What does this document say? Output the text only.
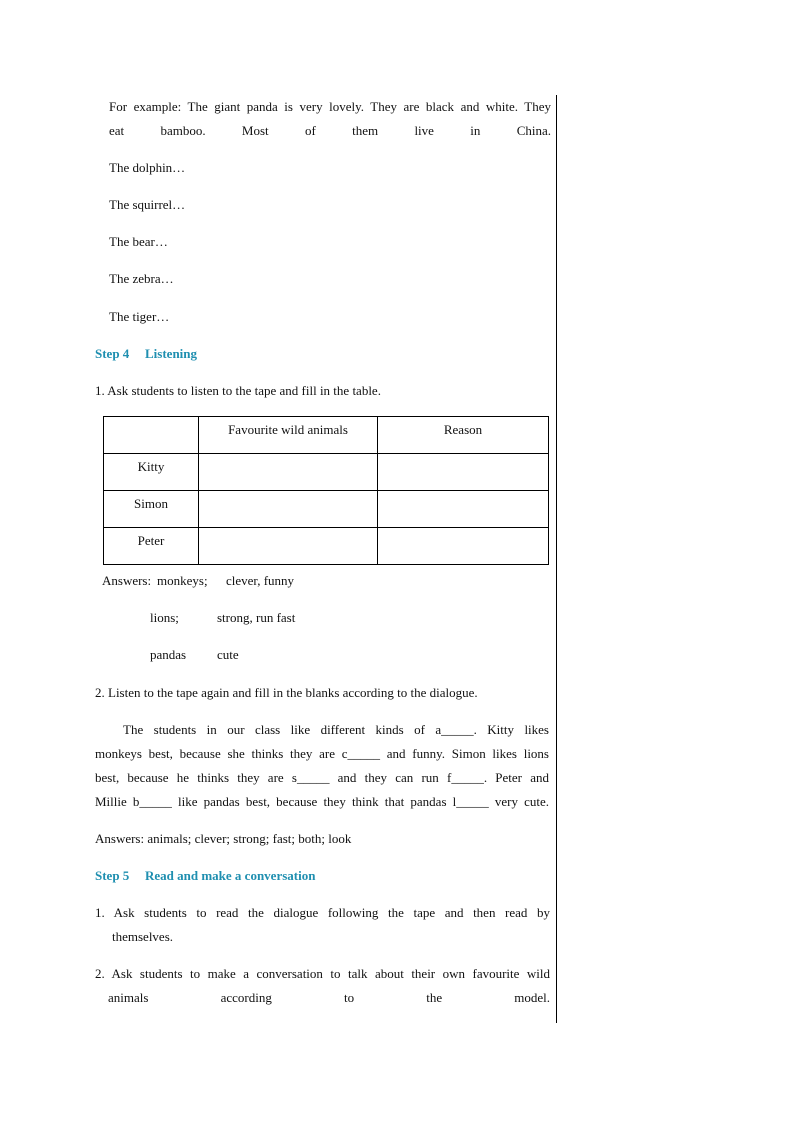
For example: The giant panda is very lovely. They are black and white. They
eat bamboo. Most of them live in China.
The dolphin…
The squirrel…
The bear…
The zebra…
The tiger…
Step 4 Listening
1. Ask students to listen to the tape and fill in the table.
	Favourite wild animals	Reason
Kitty		
Simon		
Peter		
Answers: monkeys; clever, funny
lions;	strong, run fast
pandas cute
2. Listen to the tape again and fill in the blanks according to the dialogue.
The students in our class like different kinds of a_____. Kitty likes
monkeys best, because she thinks they are c_____ and funny. Simon likes lions
best, because he thinks they are s_____ and they can run f_____. Peter and
Millie b_____ like pandas best, because they think that pandas l_____ very cute.
Answers: animals; clever; strong; fast; both; look
Step 5 Read and make a conversation
1. Ask students to read the dialogue following the tape and then read by
themselves.
2. Ask students to make a conversation to talk about their own favourite wild
animals according to the model.
